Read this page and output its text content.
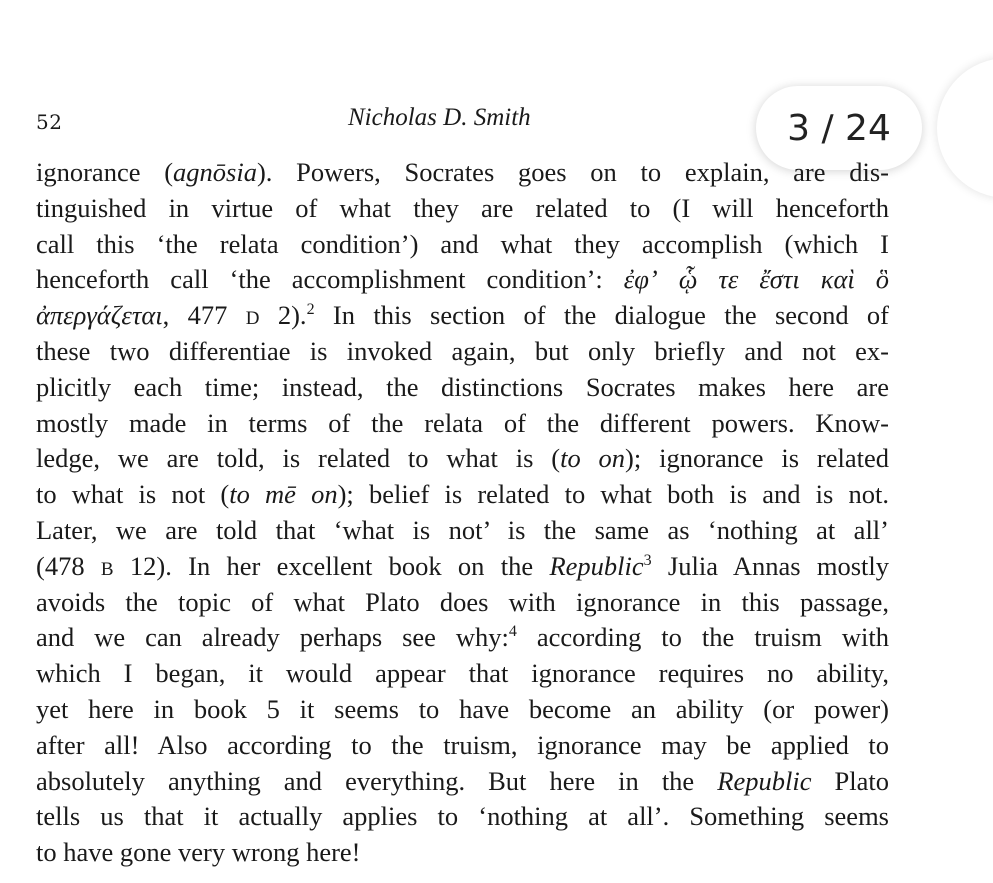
52	Nicholas D. Smith	3 / 24
ignorance (agnōsia). Powers, Socrates goes on to explain, are dis-
tinguished in virtue of what they are related to (I will henceforth
call this ‘the relata condition’) and what they accomplish (which I
henceforth call ‘the accomplishment condition’: ἐφʼ ᾧ τε ἔστι καὶ ὃ
ἀπεργάζεται, 477 d 2).$^2$ In this section of the dialogue the second of
these two differentiae is invoked again, but only briefly and not ex-
plicitly each time; instead, the distinctions Socrates makes here are
mostly made in terms of the relata of the different powers. Know-
ledge, we are told, is related to what is (to on); ignorance is related
to what is not (to mē on); belief is related to what both is and is not.
Later, we are told that ‘what is not’ is the same as ‘nothing at all’
(478 b 12). In her excellent book on the Republic$^3$ Julia Annas mostly
avoids the topic of what Plato does with ignorance in this passage,
and we can already perhaps see why:$^4$ according to the truism with
which I began, it would appear that ignorance requires no ability,
yet here in book 5 it seems to have become an ability (or power)
after all! Also according to the truism, ignorance may be applied to
absolutely anything and everything. But here in the Republic Plato
tells us that it actually applies to ‘nothing at all’. Something seems
to have gone very wrong here!
